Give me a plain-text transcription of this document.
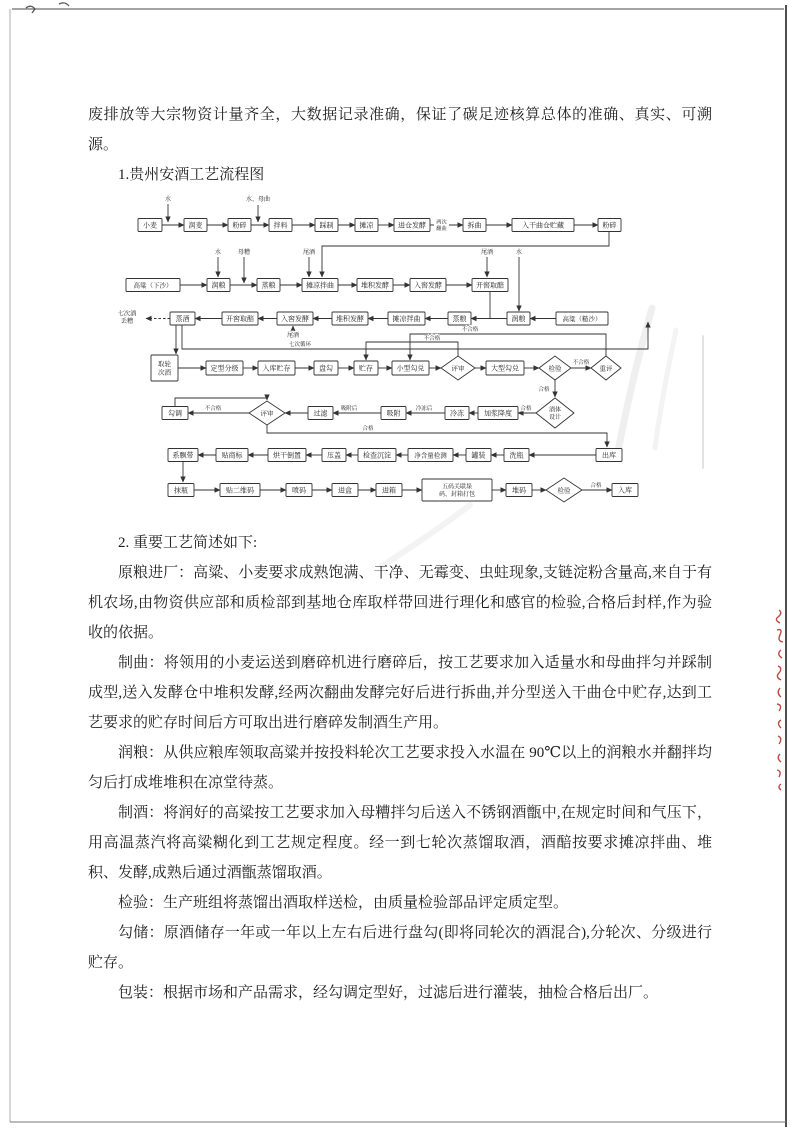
小麦	润麦	粉碎	拌料	踩制	摊凉	进仓发酵
两次翻曲	拆曲	入干曲仓贮藏	粉碎
高粱（下沙）	润粮	蒸粮	摊凉拌曲	堆积发酵	入窖发酵	开窖取醅
七次酒丢糟	蒸酒	开窖取醅	入窖发酵	堆积发酵	摊凉拌曲	蒸粮	润粮	高粱（糙沙）
取轮次酒
定型分级	入库贮存	盘勾	贮存	小型勾兑	评审	大型勾兑	检验	重评
勾调	评审	过滤	吸附	冷冻	加浆降度
酒体设计
出库
洗瓶
罐装
净含量检测
检查沉淀
压盖
烘干倒置
贴商标
系飘带
抹瓶	贴二维码	喷码	进盒	进箱
五码关联垛码、封箱打包
堆码	检验	入库
水	水、母曲
水	母糟	尾酒	尾酒	水
尾酒
七次循环
不合格
不合格
不合格
合格
不合格	吸附后	冷冻后	合格
合格
合格

废排放等大宗物资计量齐全，大数据记录准确，保证了碳足迹核算总体的准确、真实、可溯源。

1.贵州安酒工艺流程图

2. 重要工艺简述如下:

原粮进厂：高粱、小麦要求成熟饱满、干净、无霉变、虫蛀现象,支链淀粉含量高,来自于有机农场,由物资供应部和质检部到基地仓库取样带回进行理化和感官的检验,合格后封样,作为验收的依据。

制曲：将领用的小麦运送到磨碎机进行磨碎后，按工艺要求加入适量水和母曲拌匀并踩制成型,送入发酵仓中堆积发酵,经两次翻曲发酵完好后进行拆曲,并分型送入干曲仓中贮存,达到工艺要求的贮存时间后方可取出进行磨碎发制酒生产用。

润粮：从供应粮库领取高粱并按投料轮次工艺要求投入水温在 90℃以上的润粮水并翻拌均匀后打成堆堆积在凉堂待蒸。

制酒：将润好的高粱按工艺要求加入母糟拌匀后送入不锈钢酒甑中,在规定时间和气压下，用高温蒸汽将高粱糊化到工艺规定程度。经一到七轮次蒸馏取酒，酒醅按要求摊凉拌曲、堆积、发酵,成熟后通过酒甑蒸馏取酒。

检验：生产班组将蒸馏出酒取样送检，由质量检验部品评定质定型。

勾储：原酒储存一年或一年以上左右后进行盘勾(即将同轮次的酒混合),分轮次、分级进行贮存。

包装：根据市场和产品需求，经勾调定型好，过滤后进行灌装，抽检合格后出厂。
